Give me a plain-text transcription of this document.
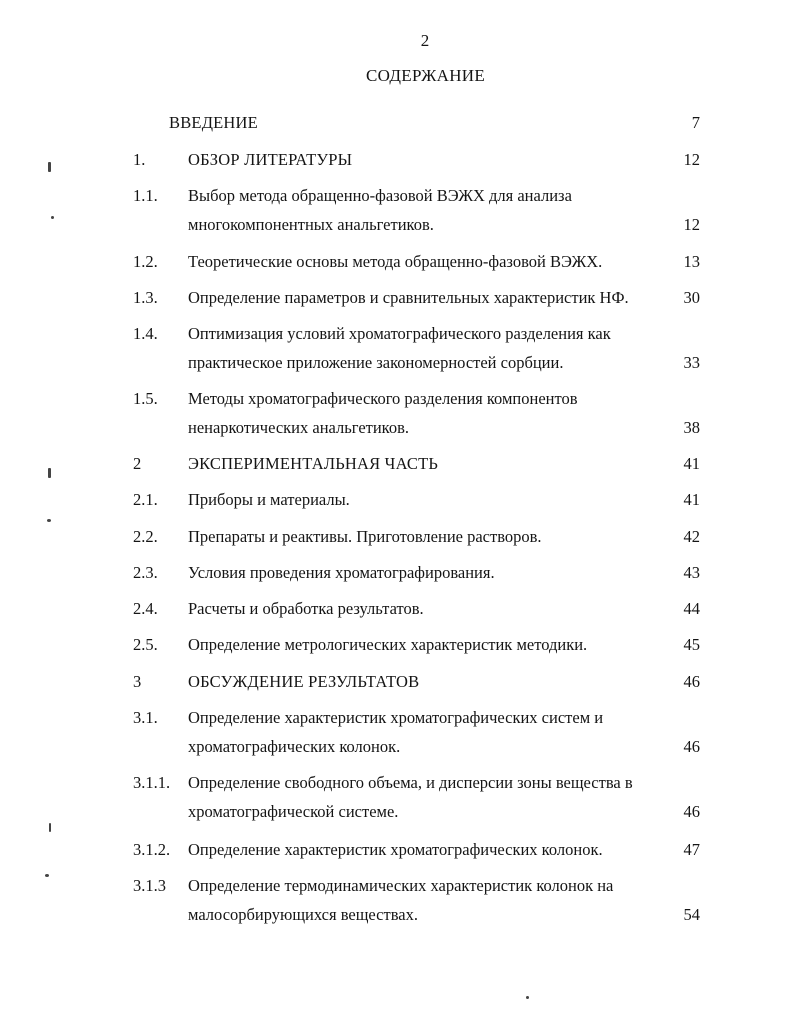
2
СОДЕРЖАНИЕ
ВВЕДЕНИЕ	7
1.	ОБЗОР ЛИТЕРАТУРЫ	12
1.1. Выбор метода обращенно-фазовой ВЭЖХ для анализа
многокомпонентных анальгетиков.	12
1.2. Теоретические основы метода обращенно-фазовой ВЭЖХ.	13
1.3. Определение параметров и сравнительных характеристик НФ.	30
1.4. Оптимизация условий хроматографического разделения как
практическое приложение закономерностей сорбции.	33
1.5. Методы хроматографического разделения компонентов
ненаркотических анальгетиков.	38
2	ЭКСПЕРИМЕНТАЛЬНАЯ ЧАСТЬ	41
2.1. Приборы и материалы.	41
2.2. Препараты и реактивы. Приготовление растворов.	42
2.3. Условия проведения хроматографирования.	43
2.4. Расчеты и обработка результатов.	44
2.5. Определение метрологических характеристик методики.	45
3	ОБСУЖДЕНИЕ РЕЗУЛЬТАТОВ	46
3.1. Определение характеристик хроматографических систем и
хроматографических колонок.	46
3.1.1. Определение свободного объема, и дисперсии зоны вещества в
хроматографической системе.	46
3.1.2. Определение характеристик хроматографических колонок.	47
3.1.3 Определение термодинамических характеристик колонок на
малосорбирующихся веществах.	54
